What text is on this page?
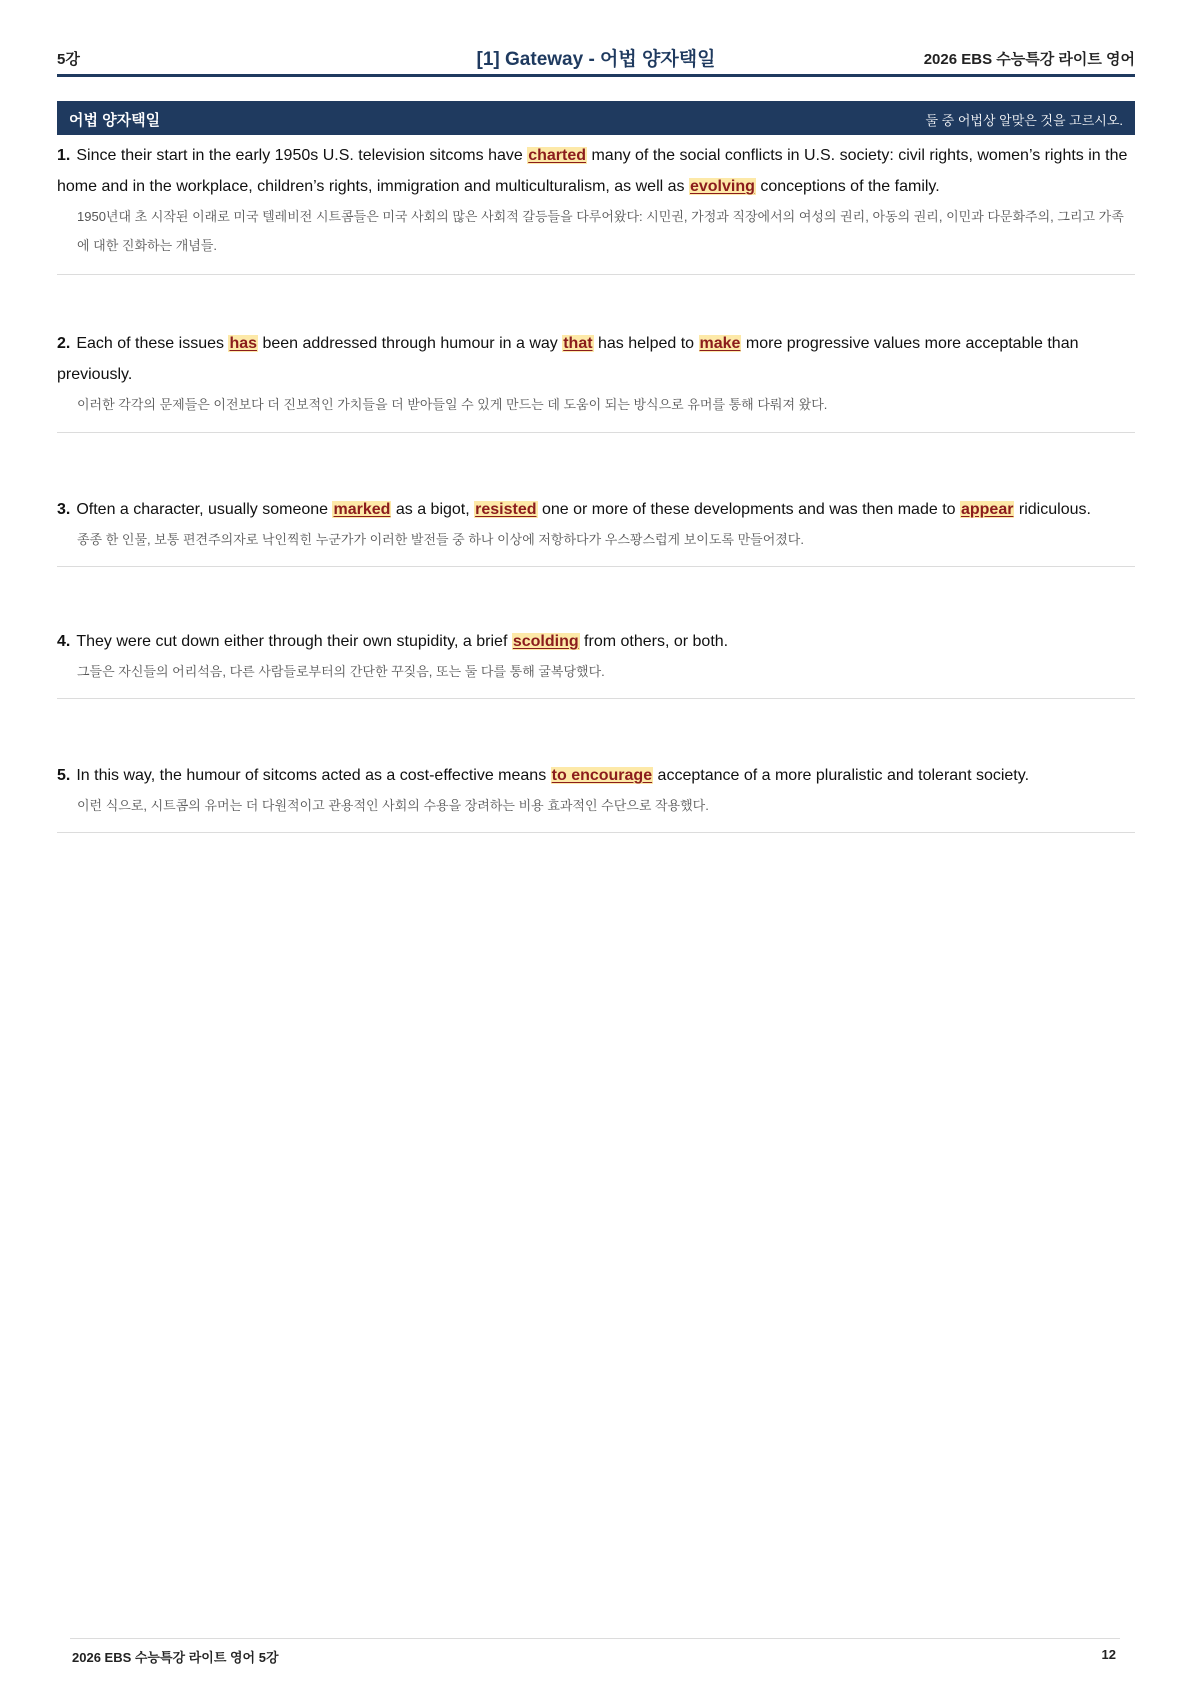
5강	[1] Gateway - 어법 양자택일	2026 EBS 수능특강 라이트 영어
어법 양자택일	둘 중 어법상 알맞은 것을 고르시오.
1. Since their start in the early 1950s U.S. television sitcoms have charted many of the social conflicts in U.S. society: civil rights, women’s rights in the home and in the workplace, children’s rights, immigration and multiculturalism, as well as evolving conceptions of the family.
1950년대 초 시작된 이래로 미국 텔레비전 시트콤들은 미국 사회의 많은 사회적 갈등들을 다루어왔다: 시민권, 가정과 직장에서의 여성의 권리, 아동의 권리, 이민과 다문화주의, 그리고 가족에 대한 진화하는 개념들.
2. Each of these issues has been addressed through humour in a way that has helped to make more progressive values more acceptable than previously.
이러한 각각의 문제들은 이전보다 더 진보적인 가치들을 더 받아들일 수 있게 만드는 데 도움이 되는 방식으로 유머를 통해 다뤄져 왔다.
3. Often a character, usually someone marked as a bigot, resisted one or more of these developments and was then made to appear ridiculous.
종종 한 인물, 보통 편견주의자로 낙인찍힌 누군가가 이러한 발전들 중 하나 이상에 저항하다가 우스꽝스럽게 보이도록 만들어졌다.
4. They were cut down either through their own stupidity, a brief scolding from others, or both.
그들은 자신들의 어리석음, 다른 사람들로부터의 간단한 꾸짖음, 또는 둘 다를 통해 굴복당했다.
5. In this way, the humour of sitcoms acted as a cost-effective means to encourage acceptance of a more pluralistic and tolerant society.
이런 식으로, 시트콤의 유머는 더 다원적이고 관용적인 사회의 수용을 장려하는 비용 효과적인 수단으로 작용했다.
2026 EBS 수능특강 라이트 영어 5강	12
